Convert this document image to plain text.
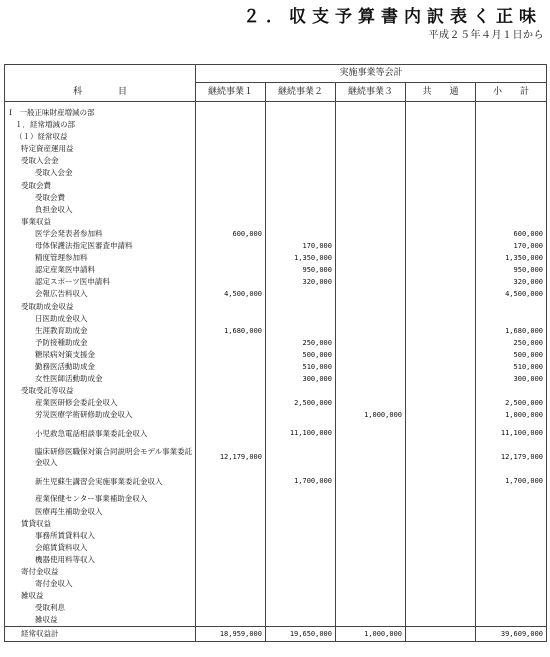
２．収支予算書内訳表く正味
平成２５年４月１日から
	実施事業等会計				
科　　　　目	継続事業１	継続事業２	継続事業３	共　　通	小　　計

Ⅰ　一般正味財産増減の部					
１．経常増減の部					
（１）経常収益					
特定資産運用益					
受取入会金					
受取入会金					
受取会費					
受取会費					
負担金収入					
事業収益					
医学会発表者参加料	600,000				600,000
母体保護法指定医審査申請料		170,000			170,000
精度管理参加料		1,350,000			1,350,000
認定産業医申請料		950,000			950,000
認定スポーツ医申請料		320,000			320,000
会報広告料収入	4,500,000				4,500,000
受取助成金収益					
日医助成金収入					
生涯教育助成金	1,680,000				1,680,000
予防接種助成金		250,000			250,000
糖尿病対策支援金		500,000			500,000
勤務医活動助成金		510,000			510,000
女性医師活動助成金		300,000			300,000
受取受託等収益					
産業医研修会委託金収入		2,500,000			2,500,000
労災医療学術研修助成金収入			1,000,000		1,000,000
小児救急電話相談事業委託金収入		11,100,000			11,100,000
臨床研修医職保対策合同説明会モデル事業委託金収入	12,179,000				12,179,000
新生児蘇生講習会実施事業委託金収入		1,700,000			1,700,000
産業保健センター事業補助金収入					
医療再生補助金収入					
賃貸収益					
事務所賃貸料収入					
会館賃貸料収入					
機器使用料等収入					
寄付金収益					
寄付金収入					
雑収益					
受取利息					
雑収益					
経常収益計	18,959,000	19,650,000	1,000,000		39,609,000
